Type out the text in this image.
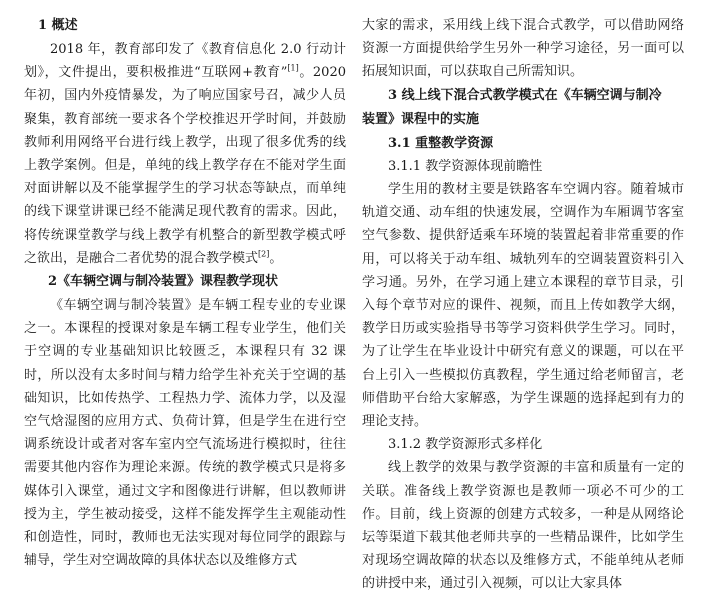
1 概述

2018 年，教育部印发了《教育信息化 2.0 行动计划》，文件提出，要积极推进“互联网+教育”[1]。2020 年初，国内外疫情暴发，为了响应国家号召，减少人员聚集，教育部统一要求各个学校推迟开学时间，并鼓励教师利用网络平台进行线上教学，出现了很多优秀的线上教学案例。但是，单纯的线上教学存在不能对学生面对面讲解以及不能掌握学生的学习状态等缺点，而单纯的线下课堂讲课已经不能满足现代教育的需求。因此，将传统课堂教学与线上教学有机整合的新型教学模式呼之欲出，是融合二者优势的混合教学模式[2]。

2《车辆空调与制冷装置》课程教学现状

《车辆空调与制冷装置》是车辆工程专业的专业课之一。本课程的授课对象是车辆工程专业学生，他们关于空调的专业基础知识比较匮乏，本课程只有 32 课时，所以没有太多时间与精力给学生补充关于空调的基础知识，比如传热学、工程热力学、流体力学，以及湿空气焓湿图的应用方式、负荷计算，但是学生在进行空调系统设计或者对客车室内空气流场进行模拟时，往往需要其他内容作为理论来源。传统的教学模式只是将多媒体引入课堂，通过文字和图像进行讲解，但以教师讲授为主，学生被动接受，这样不能发挥学生主观能动性和创造性，同时，教师也无法实现对每位同学的跟踪与辅导，学生对空调故障的具体状态以及维修方式

大家的需求，采用线上线下混合式教学，可以借助网络资源一方面提供给学生另外一种学习途径，另一面可以拓展知识面，可以获取自己所需知识。

3 线上线下混合式教学模式在《车辆空调与制冷
装置》课程中的实施
3.1 重整教学资源
3.1.1 教学资源体现前瞻性

学生用的教材主要是铁路客车空调内容。随着城市轨道交通、动车组的快速发展，空调作为车厢调节客室空气参数、提供舒适乘车环境的装置起着非常重要的作用，可以将关于动车组、城轨列车的空调装置资料引入学习通。另外，在学习通上建立本课程的章节目录，引入每个章节对应的课件、视频，而且上传如教学大纲，教学日历或实验指导书等学习资料供学生学习。同时，为了让学生在毕业设计中研究有意义的课题，可以在平台上引入一些模拟仿真教程，学生通过给老师留言，老师借助平台给大家解惑，为学生课题的选择起到有力的理论支持。

3.1.2 教学资源形式多样化

线上教学的效果与教学资源的丰富和质量有一定的关联。准备线上教学资源也是教师一项必不可少的工作。目前，线上资源的创建方式较多，一种是从网络论坛等渠道下载其他老师共享的一些精品课件，比如学生对现场空调故障的状态以及维修方式，不能单纯从老师的讲授中来，通过引入视频，可以让大家具体
